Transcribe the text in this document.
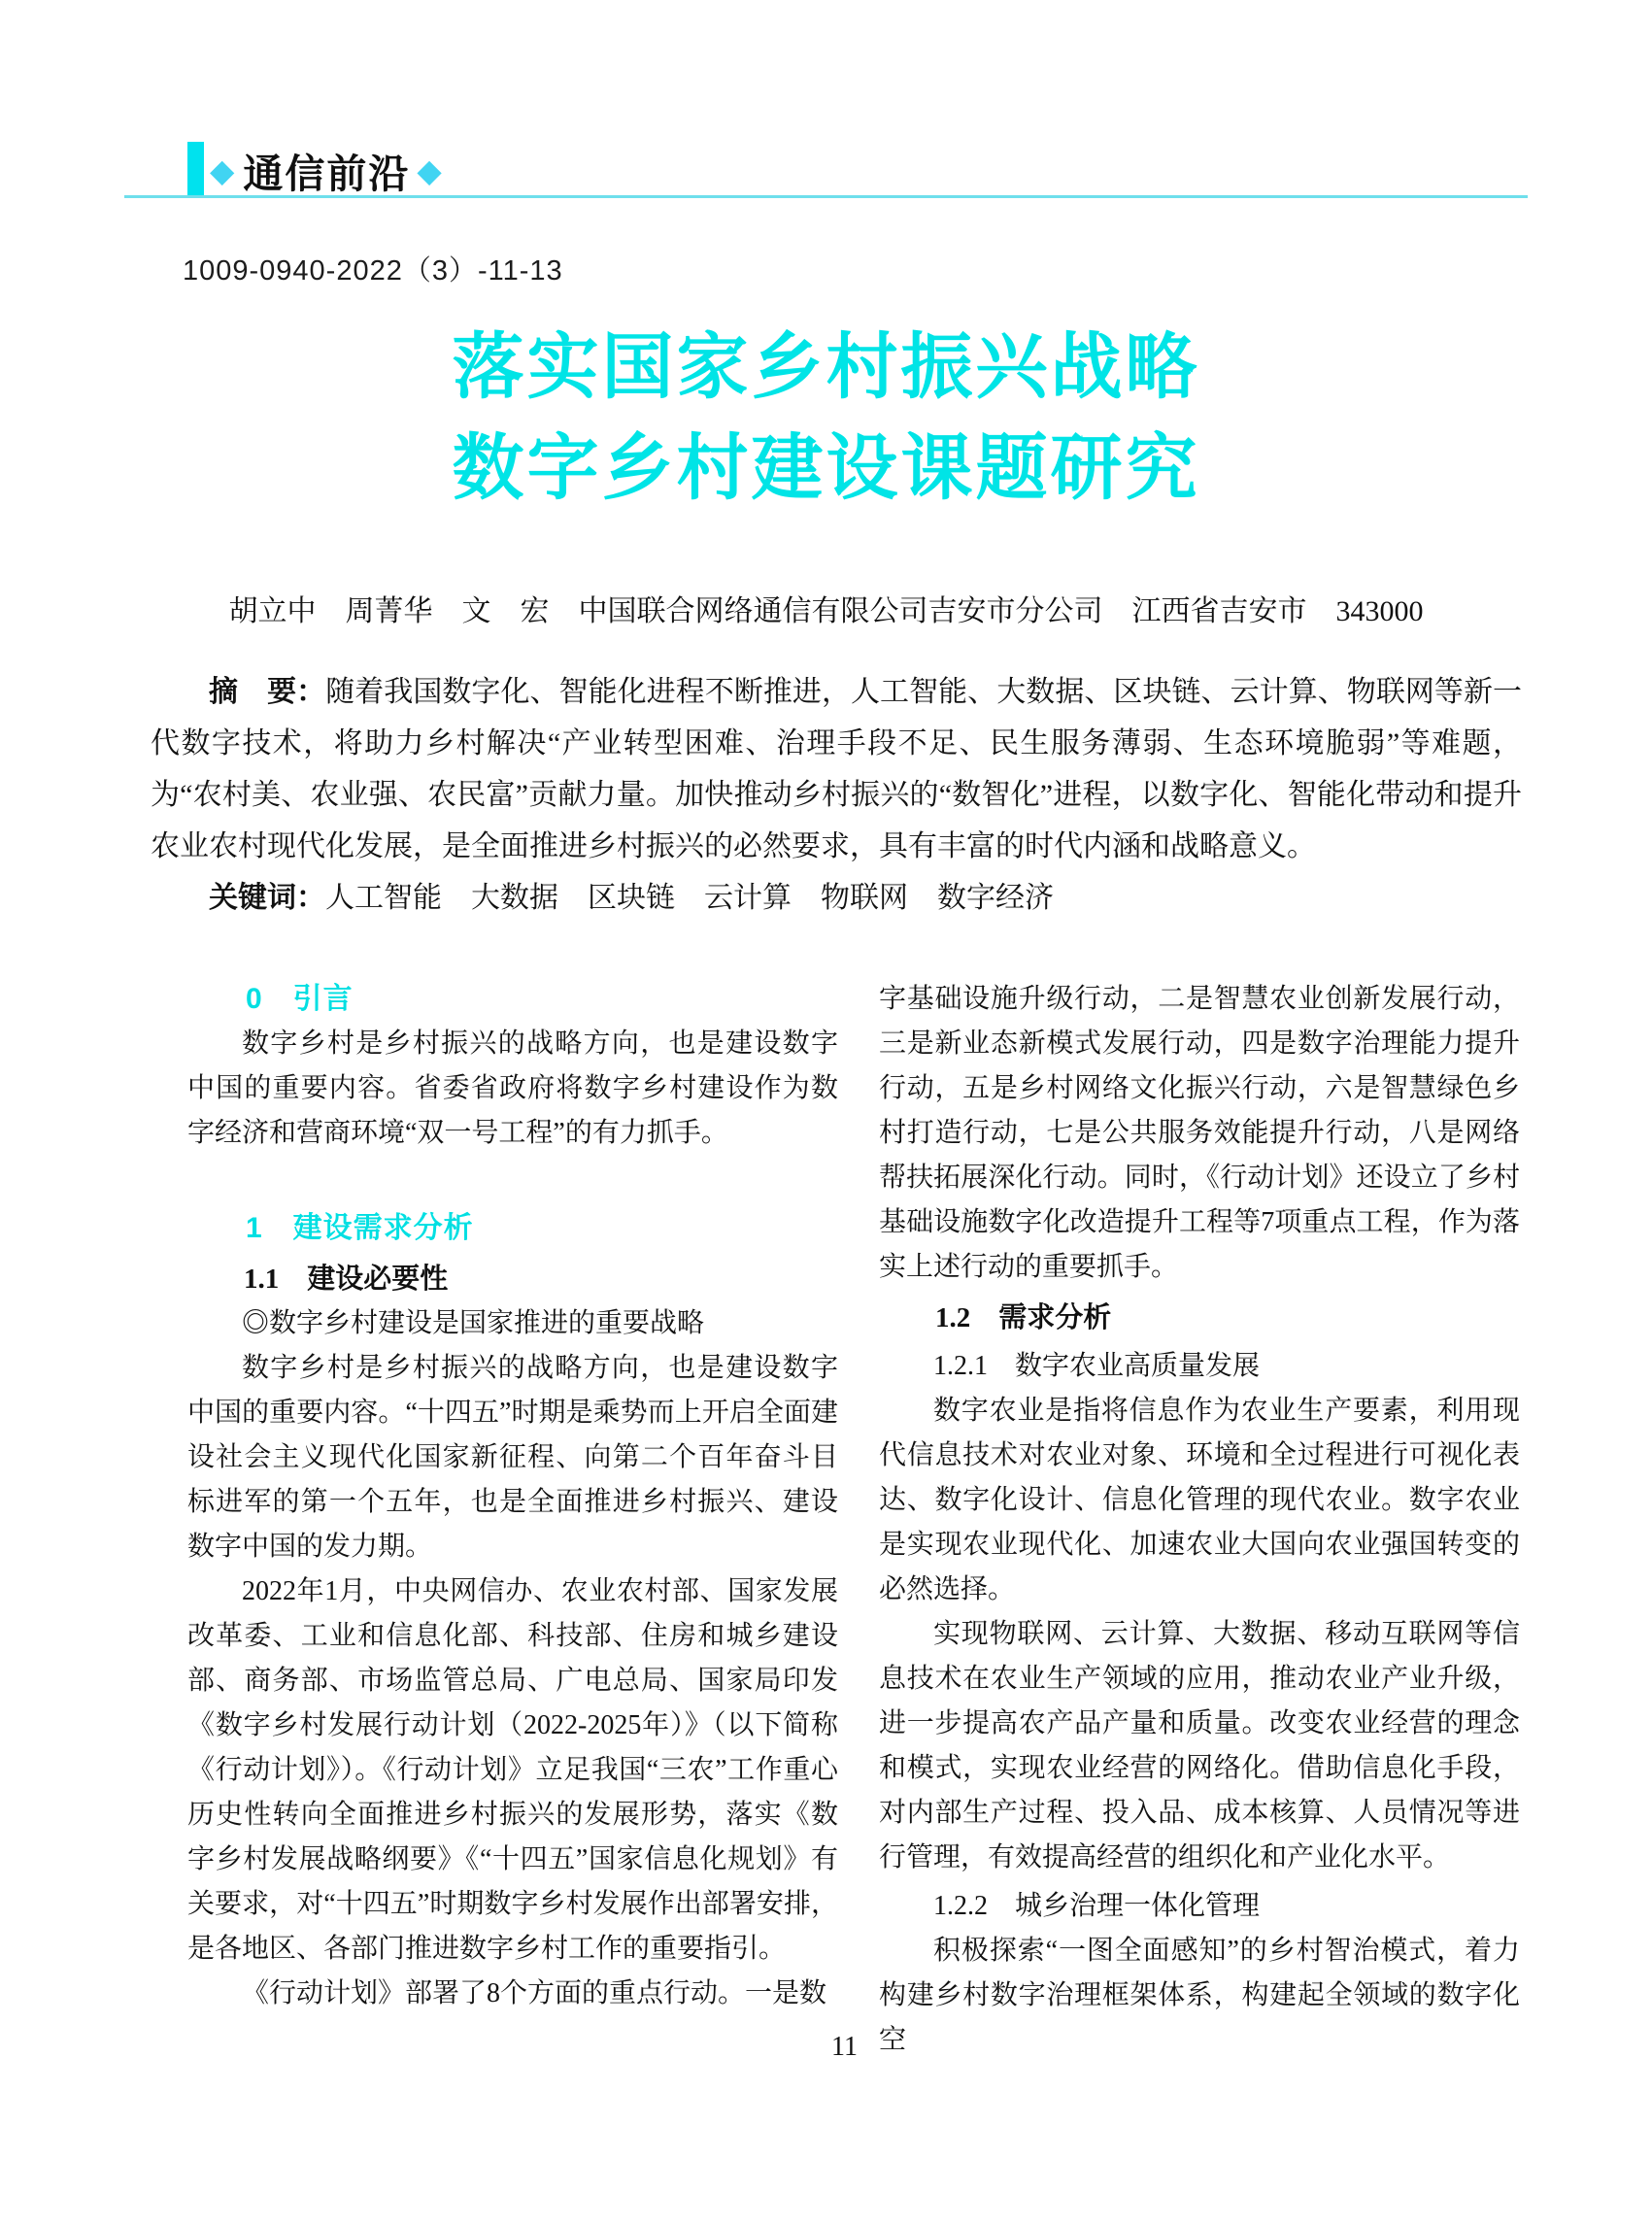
◆ 通信前沿 ◆
1009-0940-2022（3）-11-13
落实国家乡村振兴战略
数字乡村建设课题研究
胡立中　周菁华　文　宏　中国联合网络通信有限公司吉安市分公司　江西省吉安市　343000

摘　要：随着我国数字化、智能化进程不断推进，人工智能、大数据、区块链、云计算、物联网等新一代数字技术，将助力乡村解决“产业转型困难、治理手段不足、民生服务薄弱、生态环境脆弱”等难题，为“农村美、农业强、农民富”贡献力量。加快推动乡村振兴的“数智化”进程，以数字化、智能化带动和提升农业农村现代化发展，是全面推进乡村振兴的必然要求，具有丰富的时代内涵和战略意义。

关键词：人工智能　大数据　区块链　云计算　物联网　数字经济

0　引言

数字乡村是乡村振兴的战略方向，也是建设数字中国的重要内容。省委省政府将数字乡村建设作为数字经济和营商环境“双一号工程”的有力抓手。

1　建设需求分析
1.1　建设必要性

◎数字乡村建设是国家推进的重要战略

数字乡村是乡村振兴的战略方向，也是建设数字中国的重要内容。“十四五”时期是乘势而上开启全面建设社会主义现代化国家新征程、向第二个百年奋斗目标进军的第一个五年，也是全面推进乡村振兴、建设数字中国的发力期。

2022年1月，中央网信办、农业农村部、国家发展改革委、工业和信息化部、科技部、住房和城乡建设部、商务部、市场监管总局、广电总局、国家局印发《数字乡村发展行动计划（2022-2025年）》（以下简称《行动计划》）。《行动计划》立足我国“三农”工作重心历史性转向全面推进乡村振兴的发展形势，落实《数字乡村发展战略纲要》《“十四五”国家信息化规划》有关要求，对“十四五”时期数字乡村发展作出部署安排，是各地区、各部门推进数字乡村工作的重要指引。

《行动计划》部署了8个方面的重点行动。一是数

字基础设施升级行动，二是智慧农业创新发展行动，三是新业态新模式发展行动，四是数字治理能力提升行动，五是乡村网络文化振兴行动，六是智慧绿色乡村打造行动，七是公共服务效能提升行动，八是网络帮扶拓展深化行动。同时，《行动计划》还设立了乡村基础设施数字化改造提升工程等7项重点工程，作为落实上述行动的重要抓手。

1.2　需求分析
1.2.1　数字农业高质量发展

数字农业是指将信息作为农业生产要素，利用现代信息技术对农业对象、环境和全过程进行可视化表达、数字化设计、信息化管理的现代农业。数字农业是实现农业现代化、加速农业大国向农业强国转变的必然选择。

实现物联网、云计算、大数据、移动互联网等信息技术在农业生产领域的应用，推动农业产业升级，进一步提高农产品产量和质量。改变农业经营的理念和模式，实现农业经营的网络化。借助信息化手段，对内部生产过程、投入品、成本核算、人员情况等进行管理，有效提高经营的组织化和产业化水平。

1.2.2　城乡治理一体化管理

积极探索“一图全面感知”的乡村智治模式，着力构建乡村数字治理框架体系，构建起全领域的数字化空

11
